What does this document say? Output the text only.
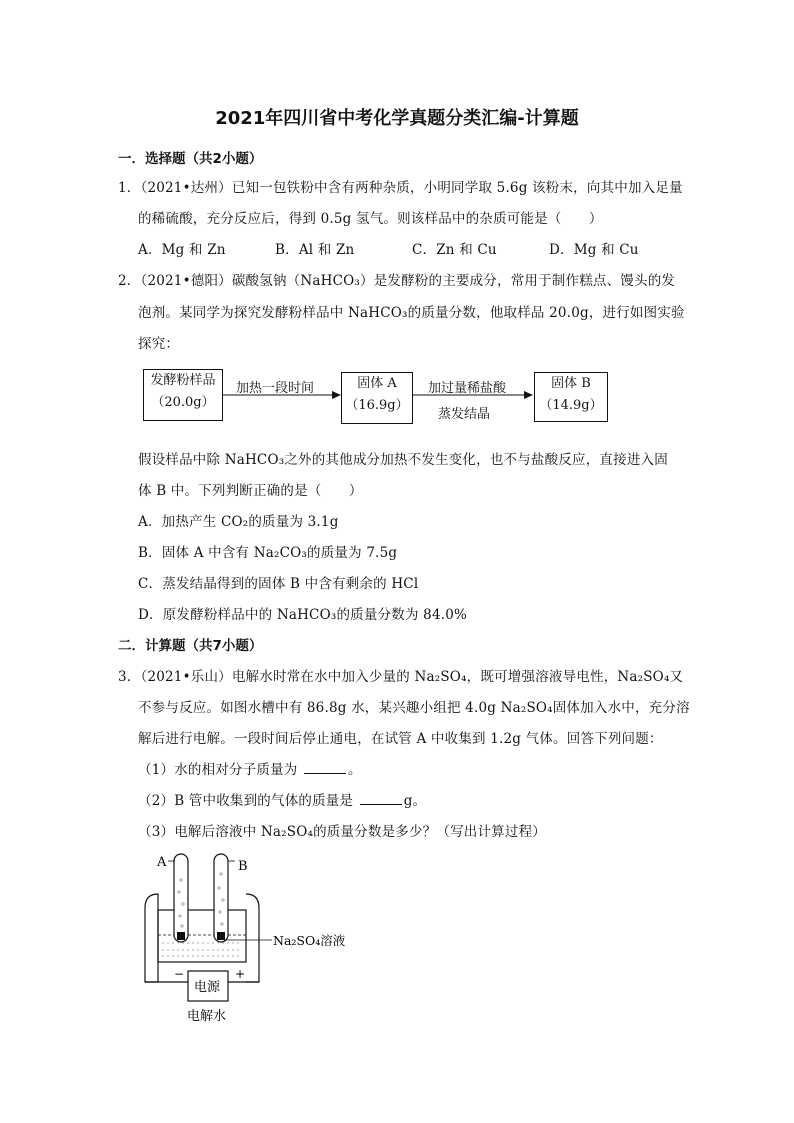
2021年四川省中考化学真题分类汇编-计算题
一．选择题（共2小题）
1．（2021•达州）已知一包铁粉中含有两种杂质，小明同学取 5.6g 该粉末，向其中加入足量
的稀硫酸，充分反应后，得到 0.5g 氢气。则该样品中的杂质可能是（　　）
A．Mg 和 Zn	B．Al 和 Zn	C．Zn 和 Cu	D．Mg 和 Cu
2．（2021•德阳）碳酸氢钠（NaHCO₃）是发酵粉的主要成分，常用于制作糕点、馒头的发
泡剂。某同学为探究发酵粉样品中 NaHCO₃的质量分数，他取样品 20.0g，进行如图实验
探究：
发酵粉样品
（20.0g）
加热一段时间	固体 A
（16.9g）
加过量稀盐酸
蒸发结晶
固体 B
（14.9g）
假设样品中除 NaHCO₃之外的其他成分加热不发生变化，也不与盐酸反应，直接进入固
体 B 中。下列判断正确的是（　　）
A．加热产生 CO₂的质量为 3.1g
B．固体 A 中含有 Na₂CO₃的质量为 7.5g
C．蒸发结晶得到的固体 B 中含有剩余的 HCl
D．原发酵粉样品中的 NaHCO₃的质量分数为 84.0%
二．计算题（共7小题）
3．（2021•乐山）电解水时常在水中加入少量的 Na₂SO₄，既可增强溶液导电性，Na₂SO₄又
不参与反应。如图水槽中有 86.8g 水，某兴趣小组把 4.0g Na₂SO₄固体加入水中，充分溶
解后进行电解。一段时间后停止通电，在试管 A 中收集到 1.2g 气体。回答下列问题：
（1）水的相对分子质量为	。
（2）B 管中收集到的气体的质量是	g。
（3）电解后溶液中 Na₂SO₄的质量分数是多少？（写出计算过程）
A	B
Na₂SO₄溶液
−	+
电源
电解水
